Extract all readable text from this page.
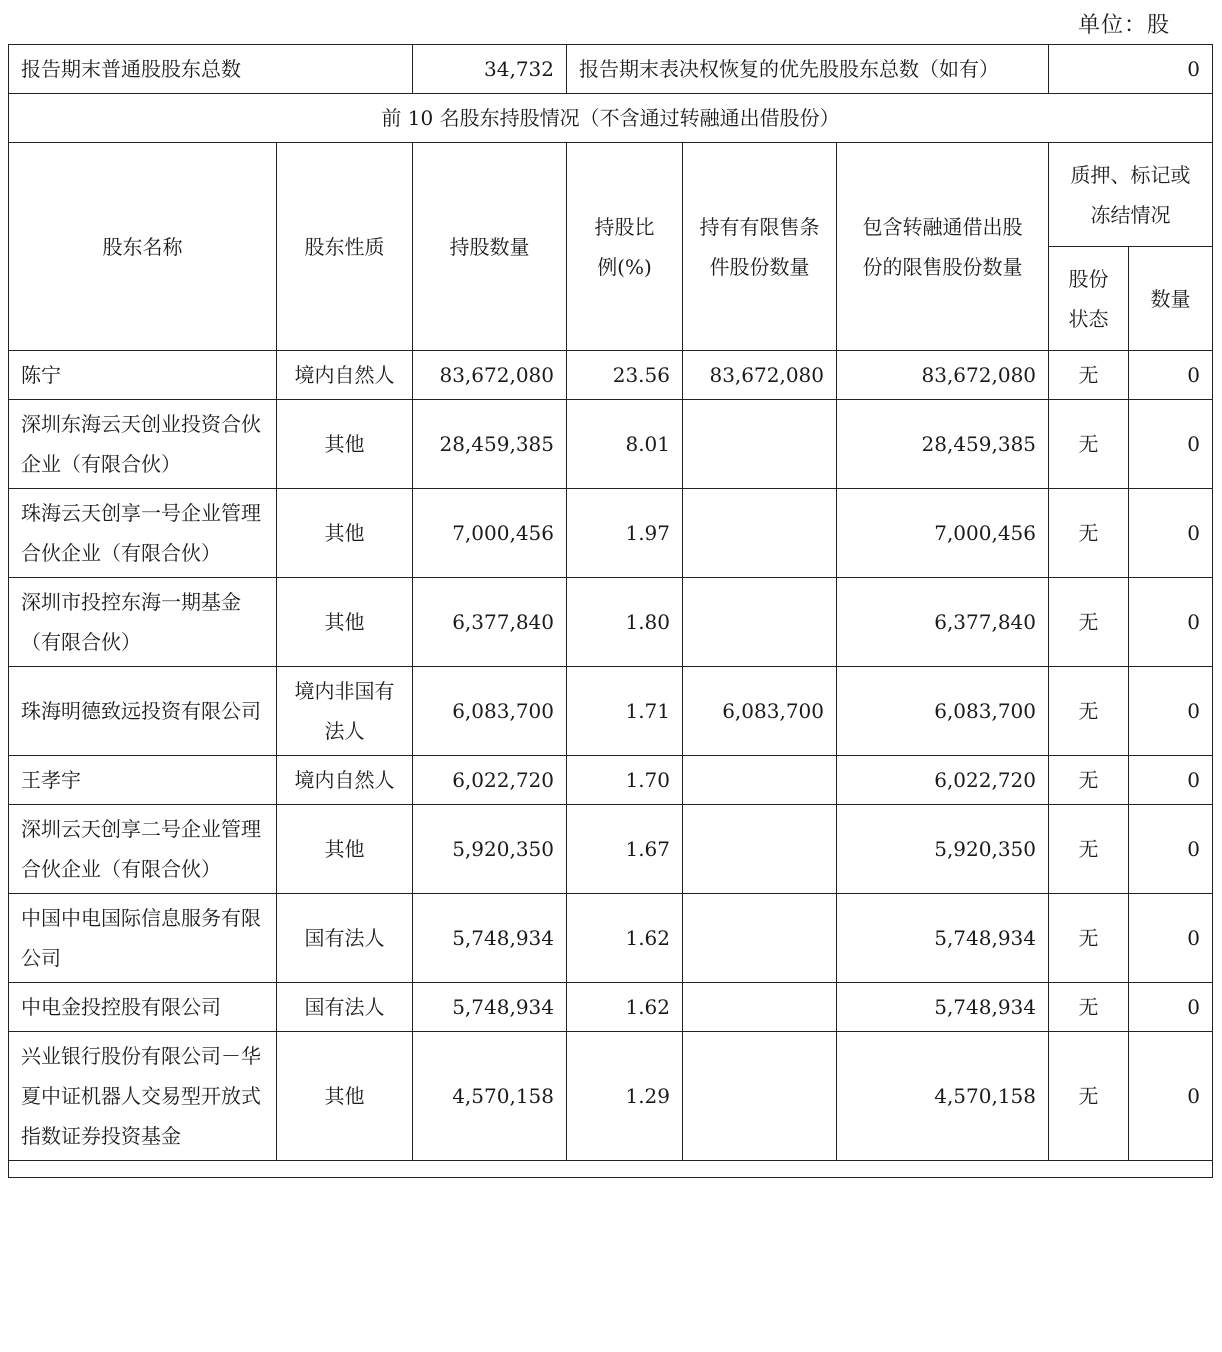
单位：股
报告期末普通股股东总数		34,732	报告期末表决权恢复的优先股股东总数（如有）			0	
前 10 名股东持股情况（不含通过转融通出借股份）							
股东名称	股东性质	持股数量	持股比例(%)	持有有限售条件股份数量	包含转融通借出股份的限售股份数量	质押、标记或冻结情况	
						股份状态	数量
陈宁	境内自然人	83,672,080	23.56	83,672,080	83,672,080	无	0
深圳东海云天创业投资合伙企业（有限合伙）	其他	28,459,385	8.01		28,459,385	无	0
珠海云天创享一号企业管理合伙企业（有限合伙）	其他	7,000,456	1.97		7,000,456	无	0
深圳市投控东海一期基金（有限合伙）	其他	6,377,840	1.80		6,377,840	无	0
珠海明德致远投资有限公司	境内非国有法人	6,083,700	1.71	6,083,700	6,083,700	无	0
王孝宇	境内自然人	6,022,720	1.70		6,022,720	无	0
深圳云天创享二号企业管理合伙企业（有限合伙）	其他	5,920,350	1.67		5,920,350	无	0
中国中电国际信息服务有限公司	国有法人	5,748,934	1.62		5,748,934	无	0
中电金投控股有限公司	国有法人	5,748,934	1.62		5,748,934	无	0
兴业银行股份有限公司－华夏中证机器人交易型开放式指数证券投资基金	其他	4,570,158	1.29		4,570,158	无	0
